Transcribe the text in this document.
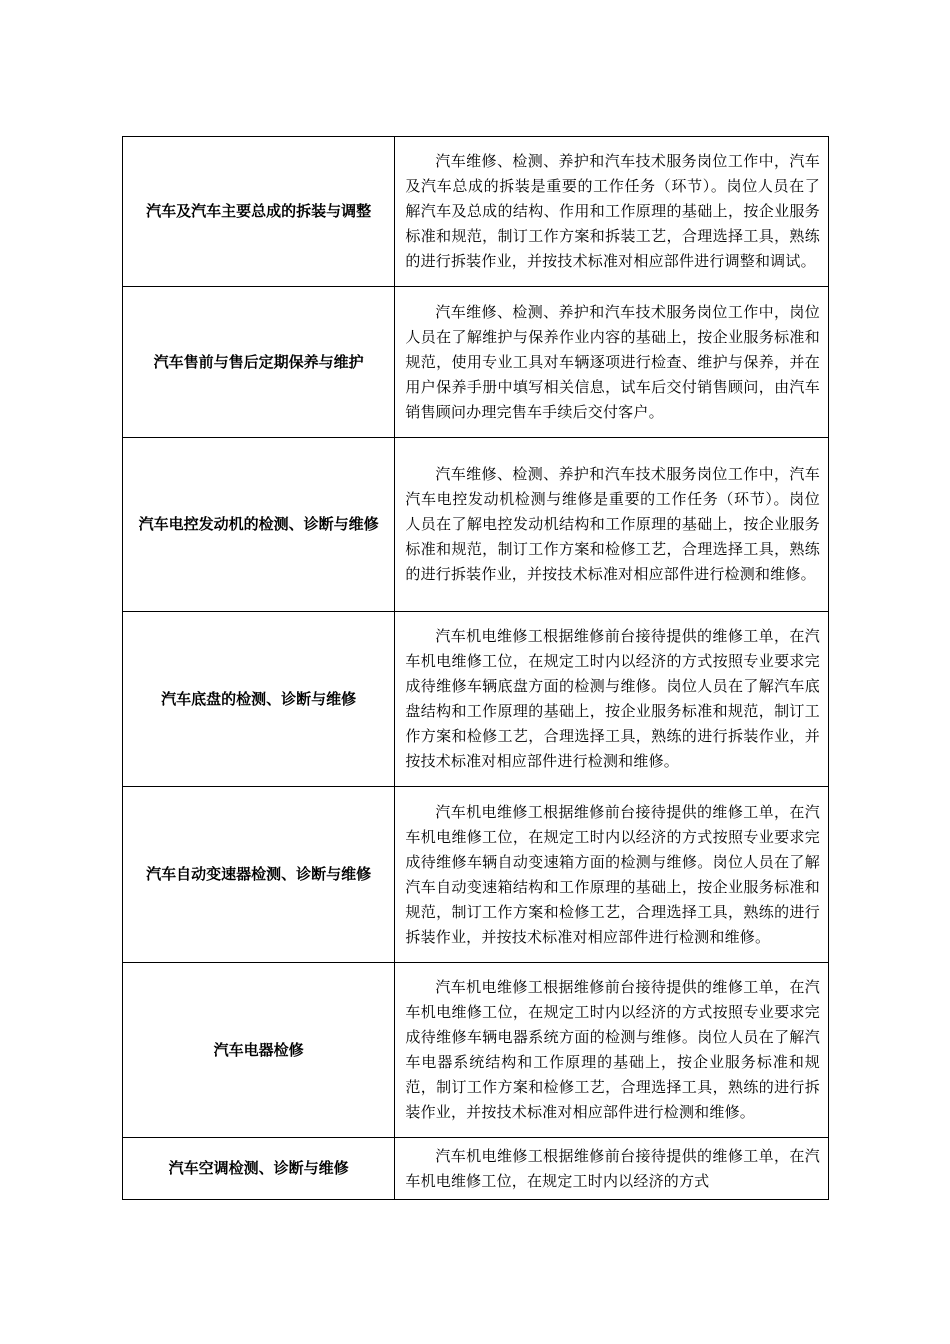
汽车及汽车主要总成的拆装与调整	汽车维修、检测、养护和汽车技术服务岗位工作中，汽车及汽车总成的拆装是重要的工作任务（环节）。岗位人员在了解汽车及总成的结构、作用和工作原理的基础上，按企业服务标准和规范，制订工作方案和拆装工艺，合理选择工具，熟练的进行拆装作业，并按技术标准对相应部件进行调整和调试。
汽车售前与售后定期保养与维护	汽车维修、检测、养护和汽车技术服务岗位工作中，岗位人员在了解维护与保养作业内容的基础上，按企业服务标准和规范，使用专业工具对车辆逐项进行检查、维护与保养，并在用户保养手册中填写相关信息，试车后交付销售顾问，由汽车销售顾问办理完售车手续后交付客户。
汽车电控发动机的检测、诊断与维修	汽车维修、检测、养护和汽车技术服务岗位工作中，汽车汽车电控发动机检测与维修是重要的工作任务（环节）。岗位人员在了解电控发动机结构和工作原理的基础上，按企业服务标准和规范，制订工作方案和检修工艺，合理选择工具，熟练的进行拆装作业，并按技术标准对相应部件进行检测和维修。
汽车底盘的检测、诊断与维修	汽车机电维修工根据维修前台接待提供的维修工单，在汽车机电维修工位，在规定工时内以经济的方式按照专业要求完成待维修车辆底盘方面的检测与维修。岗位人员在了解汽车底盘结构和工作原理的基础上，按企业服务标准和规范，制订工作方案和检修工艺，合理选择工具，熟练的进行拆装作业，并按技术标准对相应部件进行检测和维修。
汽车自动变速器检测、诊断与维修	汽车机电维修工根据维修前台接待提供的维修工单，在汽车机电维修工位，在规定工时内以经济的方式按照专业要求完成待维修车辆自动变速箱方面的检测与维修。岗位人员在了解汽车自动变速箱结构和工作原理的基础上，按企业服务标准和规范，制订工作方案和检修工艺，合理选择工具，熟练的进行拆装作业，并按技术标准对相应部件进行检测和维修。
汽车电器检修	汽车机电维修工根据维修前台接待提供的维修工单，在汽车机电维修工位，在规定工时内以经济的方式按照专业要求完成待维修车辆电器系统方面的检测与维修。岗位人员在了解汽车电器系统结构和工作原理的基础上，按企业服务标准和规范，制订工作方案和检修工艺，合理选择工具，熟练的进行拆装作业，并按技术标准对相应部件进行检测和维修。
汽车空调检测、诊断与维修	汽车机电维修工根据维修前台接待提供的维修工单，在汽车机电维修工位，在规定工时内以经济的方式
